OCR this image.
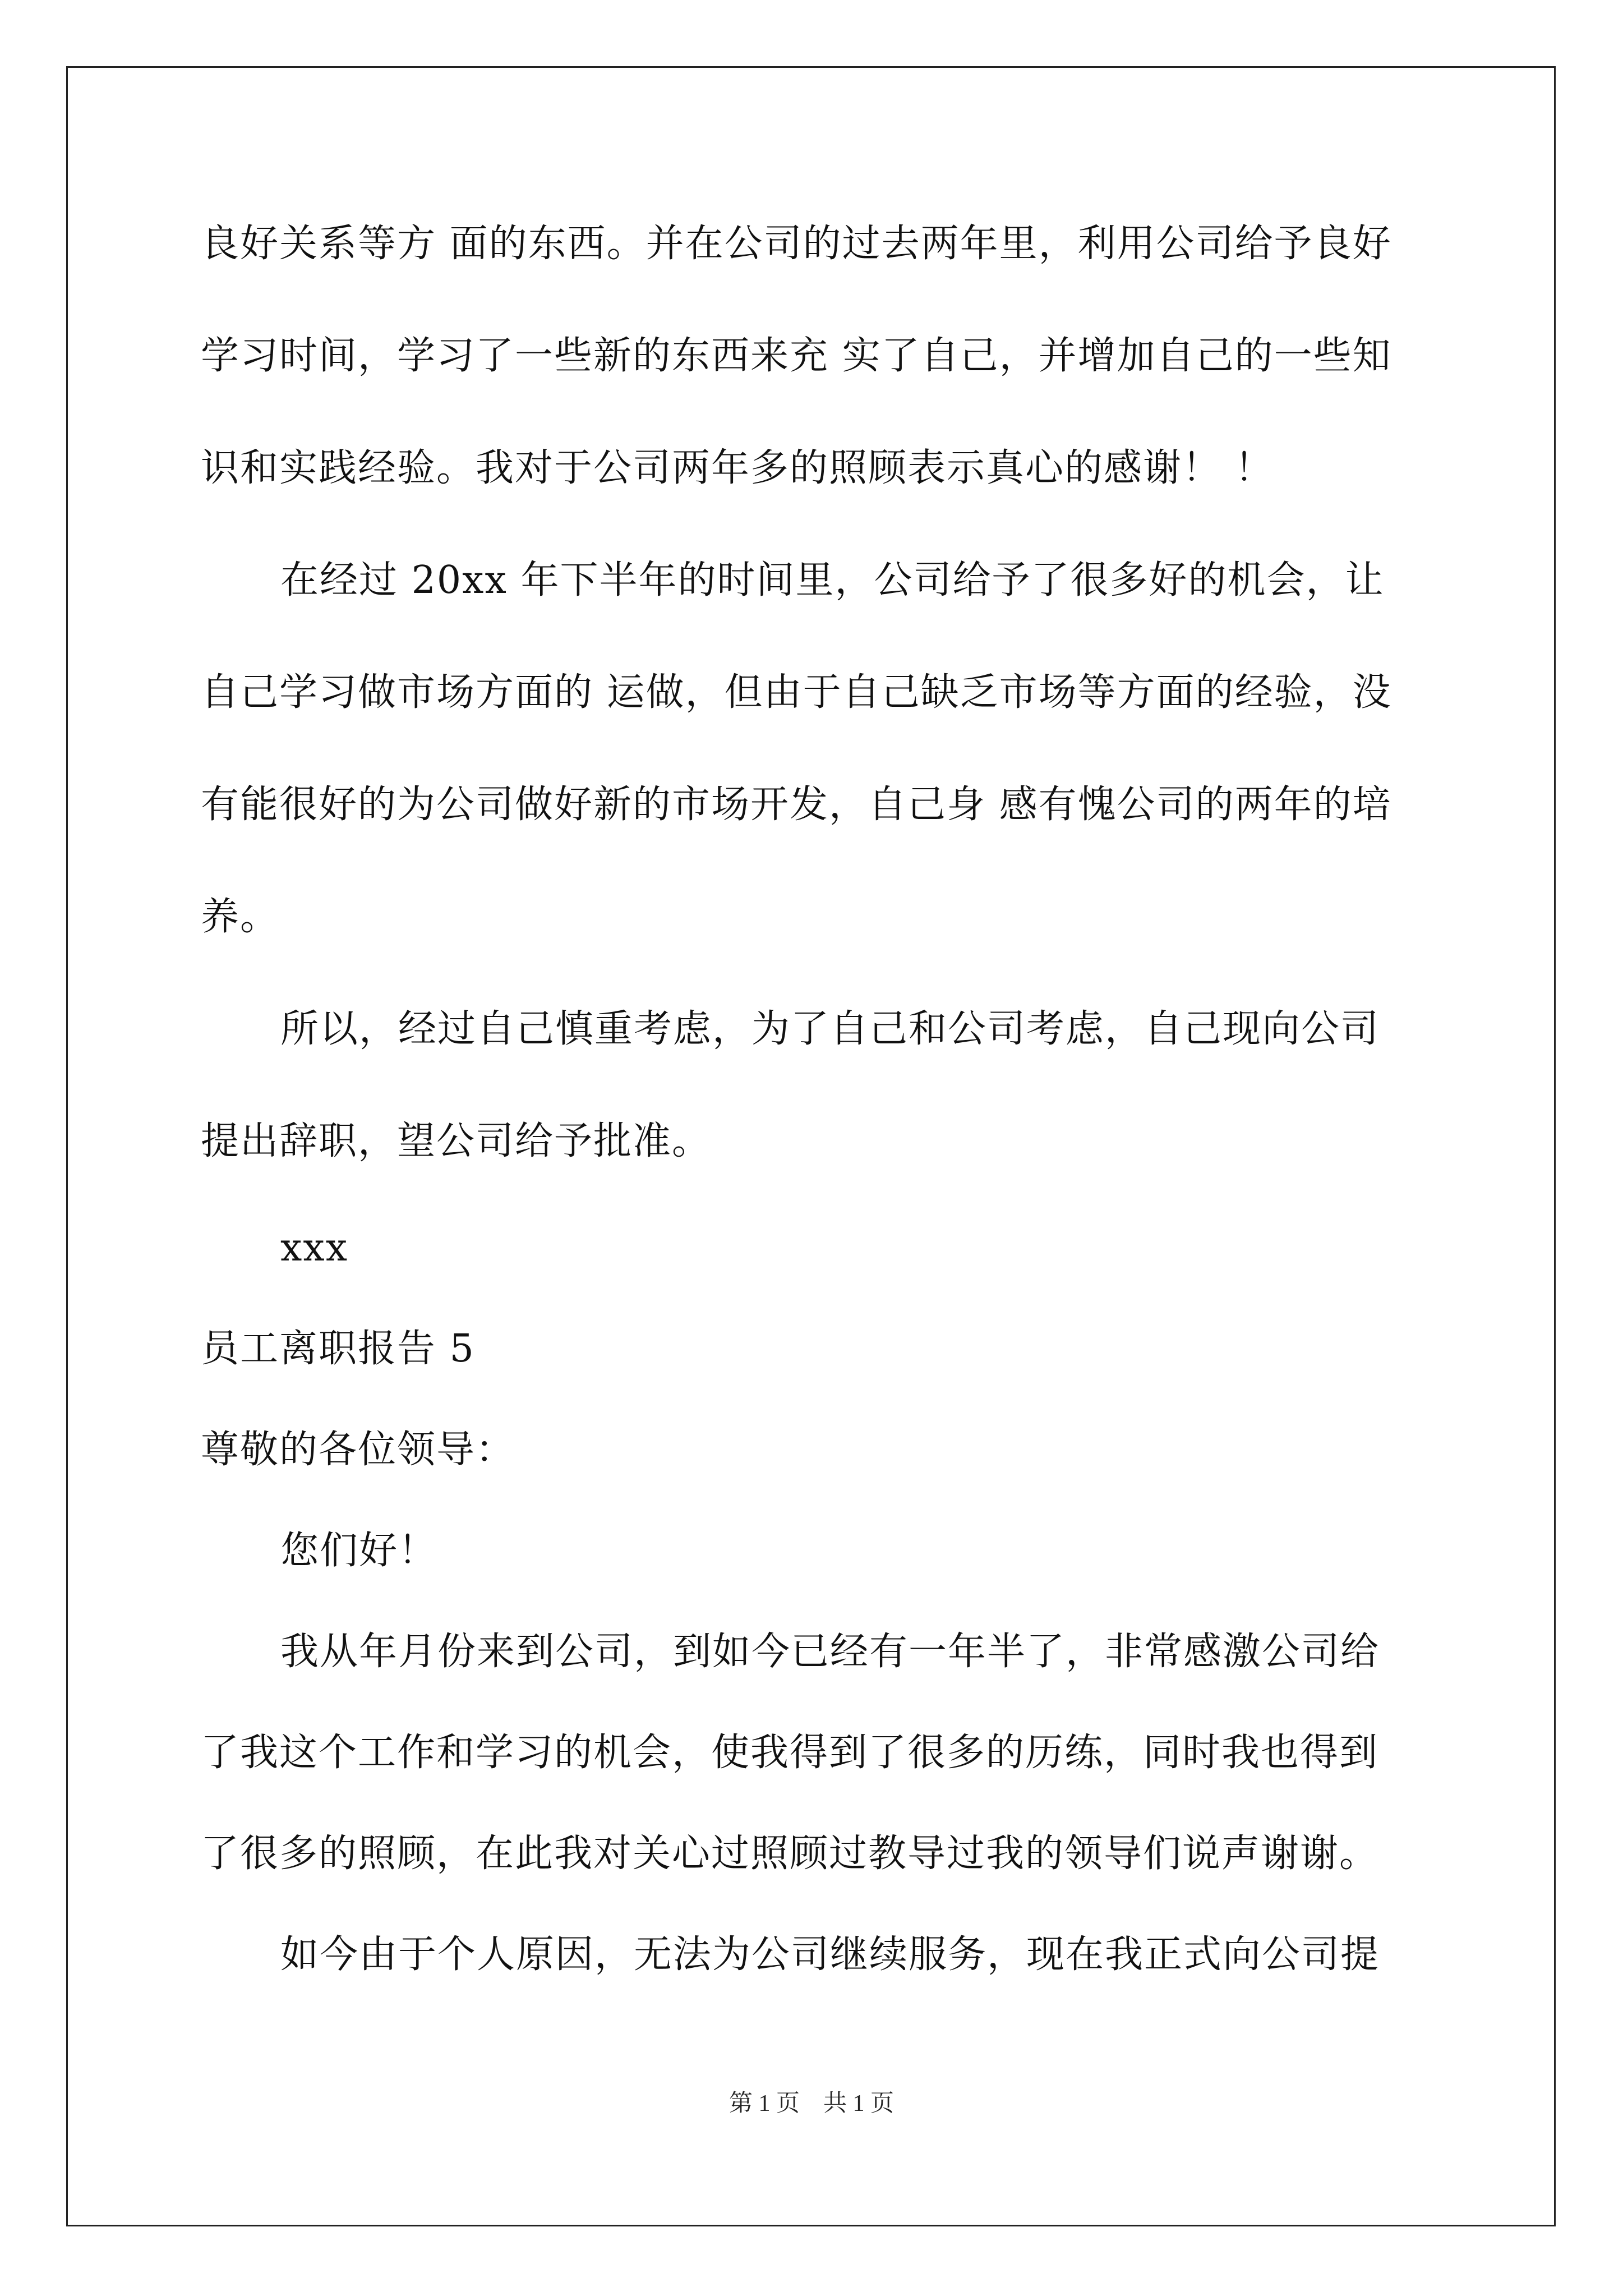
良好关系等方 面的东西。并在公司的过去两年里，利用公司给予良好
学习时间，学习了一些新的东西来充 实了自己，并增加自己的一些知
识和实践经验。我对于公司两年多的照顾表示真心的感谢！ ！
在经过 20xx 年下半年的时间里，公司给予了很多好的机会，让
自己学习做市场方面的 运做，但由于自己缺乏市场等方面的经验，没
有能很好的为公司做好新的市场开发，自己身 感有愧公司的两年的培
养。
所以，经过自己慎重考虑，为了自己和公司考虑，自己现向公司
提出辞职，望公司给予批准。
xxx
员工离职报告 5
尊敬的各位领导：
您们好！
我从年月份来到公司，到如今已经有一年半了，非常感激公司给
了我这个工作和学习的机会，使我得到了很多的历练，同时我也得到
了很多的照顾，在此我对关心过照顾过教导过我的领导们说声谢谢。
如今由于个人原因，无法为公司继续服务，现在我正式向公司提
第 1 页　共 1 页
